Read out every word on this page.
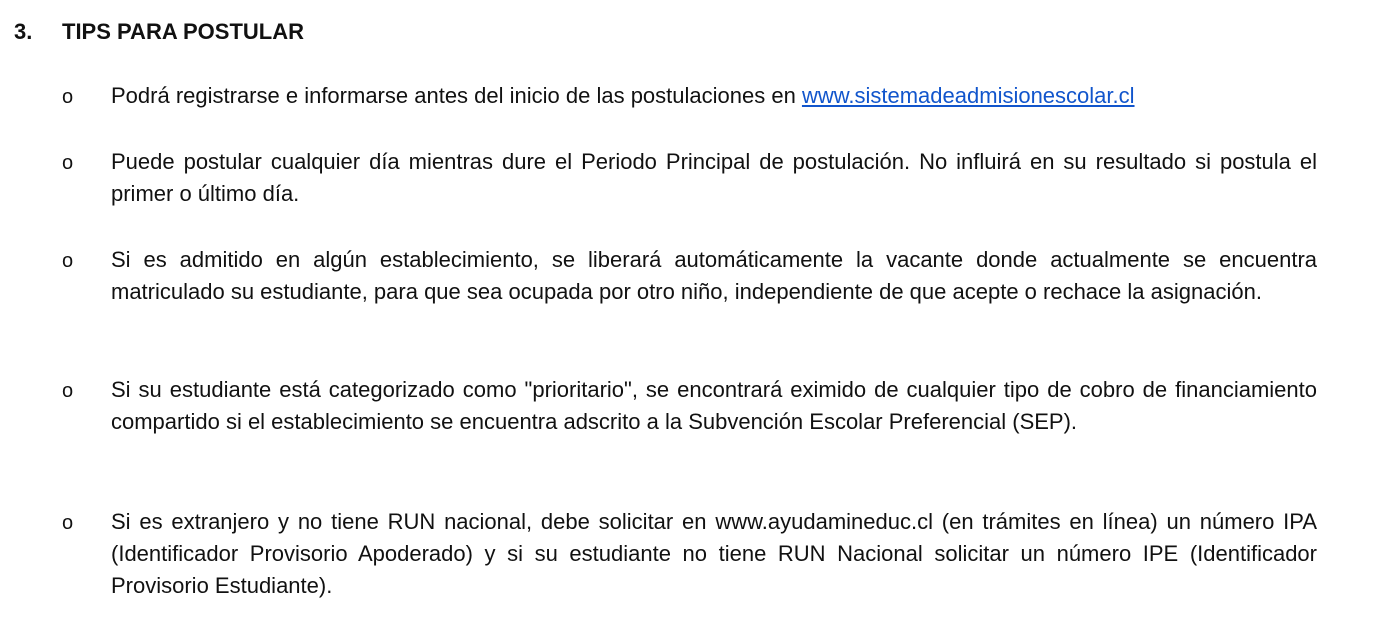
3.	TIPS PARA POSTULAR
o	Podrá registrarse e informarse antes del inicio de las postulaciones en www.sistemadeadmisionescolar.cl
o	Puede postular cualquier día mientras dure el Periodo Principal de postulación. No influirá en su resultado si postula el primer o último día.
o	Si es admitido en algún establecimiento, se liberará automáticamente la vacante donde actualmente se encuentra matriculado su estudiante, para que sea ocupada por otro niño, independiente de que acepte o rechace la asignación.
o	Si su estudiante está categorizado como "prioritario", se encontrará eximido de cualquier tipo de cobro de financiamiento compartido si el establecimiento se encuentra adscrito a la Subvención Escolar Preferencial (SEP).
o	Si es extranjero y no tiene RUN nacional, debe solicitar en www.ayudamineduc.cl (en trámites en línea) un número IPA (Identificador Provisorio Apoderado) y si su estudiante no tiene RUN Nacional solicitar un número IPE (Identificador Provisorio Estudiante).
